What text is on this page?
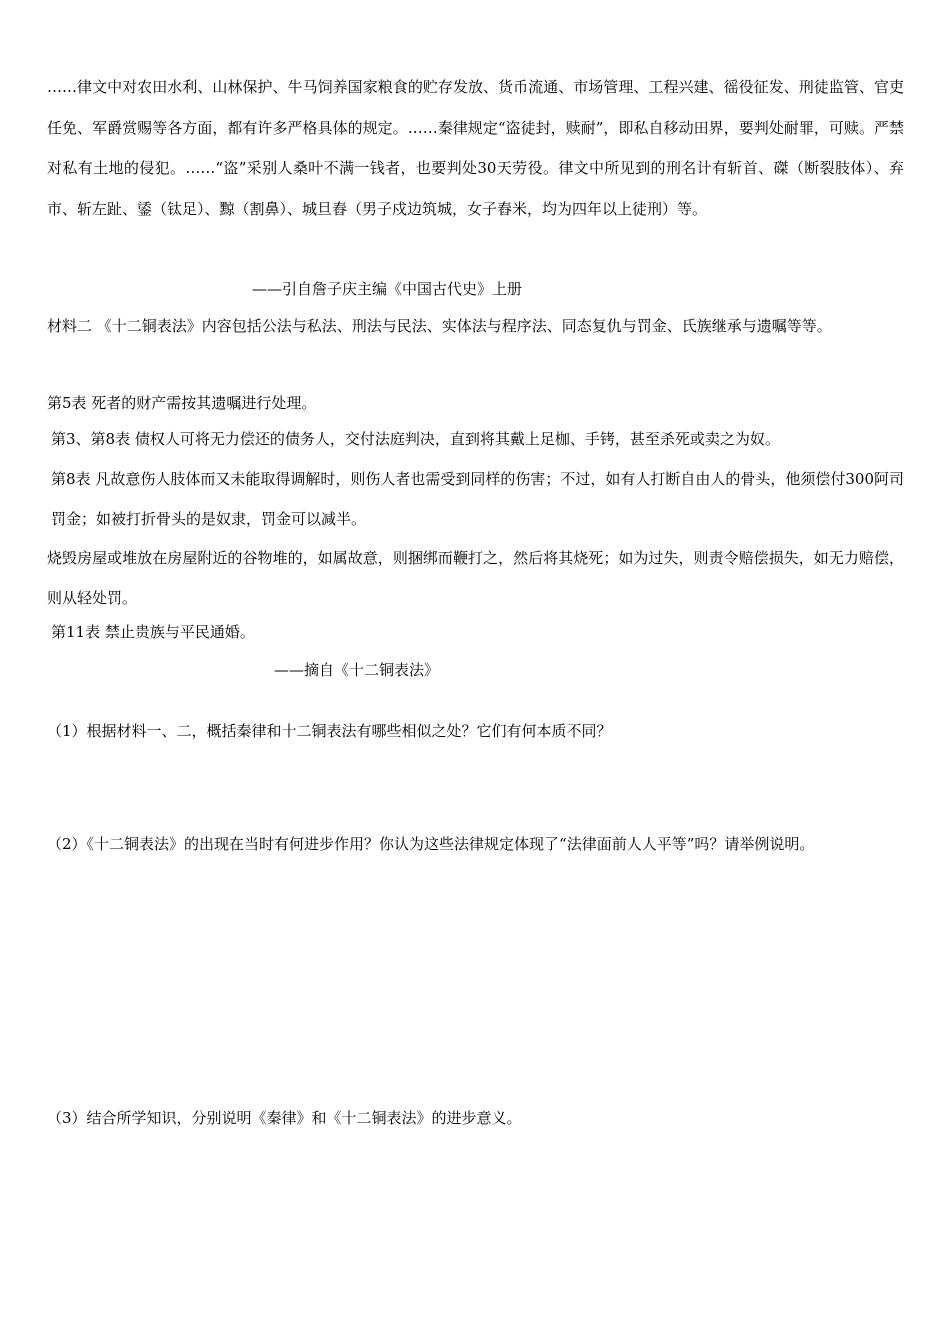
……律文中对农田水利、山林保护、牛马饲养国家粮食的贮存发放、货币流通、市场管理、工程兴建、徭役征发、刑徒监管、官吏任免、军爵赏赐等各方面，都有许多严格具体的规定。……秦律规定“盗徒封，赎耐”，即私自移动田界，要判处耐罪，可赎。严禁对私有土地的侵犯。……“盗”采别人桑叶不满一钱者，也要判处30天劳役。律文中所见到的刑名计有斩首、磔（断裂肢体）、弃市、斩左趾、鋈（钛足）、黥（割鼻）、城旦舂（男子戍边筑城，女子舂米，均为四年以上徒刑）等。

——引自詹子庆主编《中国古代史》上册

材料二 《十二铜表法》内容包括公法与私法、刑法与民法、实体法与程序法、同态复仇与罚金、氏族继承与遗嘱等等。

第5表 死者的财产需按其遗嘱进行处理。

第3、第8表 债权人可将无力偿还的债务人，交付法庭判决，直到将其戴上足枷、手铐，甚至杀死或卖之为奴。

第8表 凡故意伤人肢体而又未能取得调解时，则伤人者也需受到同样的伤害；不过，如有人打断自由人的骨头，他须偿付300阿司罚金；如被打折骨头的是奴隶，罚金可以减半。

烧毁房屋或堆放在房屋附近的谷物堆的，如属故意，则捆绑而鞭打之，然后将其烧死；如为过失，则责令赔偿损失，如无力赔偿，则从轻处罚。

第11表 禁止贵族与平民通婚。

——摘自《十二铜表法》

（1）根据材料一、二，概括秦律和十二铜表法有哪些相似之处？它们有何本质不同？

（2）《十二铜表法》的出现在当时有何进步作用？你认为这些法律规定体现了“法律面前人人平等”吗？请举例说明。

（3）结合所学知识，分别说明《秦律》和《十二铜表法》的进步意义。
